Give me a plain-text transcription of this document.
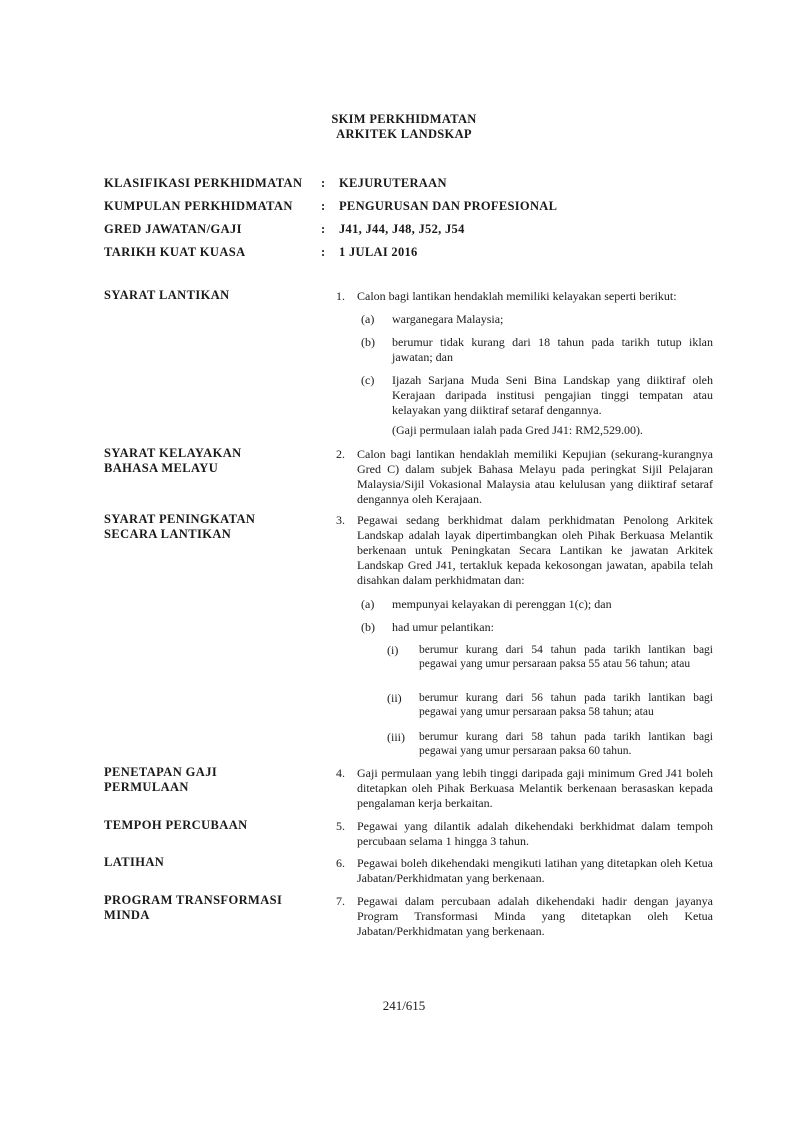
SKIM PERKHIDMATAN
ARKITEK LANDSKAP
KLASIFIKASI PERKHIDMATAN : KEJURUTERAAN
KUMPULAN PERKHIDMATAN : PENGURUSAN DAN PROFESIONAL
GRED JAWATAN/GAJI	: J41, J44, J48, J52, J54
TARIKH KUAT KUASA	: 1 JULAI 2016
SYARAT LANTIKAN	1. Calon bagi lantikan hendaklah memiliki kelayakan seperti berikut:
(a) warganegara Malaysia;
(b) berumur tidak kurang dari 18 tahun pada tarikh tutup iklan jawatan; dan
(c) Ijazah Sarjana Muda Seni Bina Landskap yang diiktiraf oleh Kerajaan daripada institusi pengajian tinggi tempatan atau kelayakan yang diiktiraf setaraf dengannya.
(Gaji permulaan ialah pada Gred J41: RM2,529.00).
SYARAT KELAYAKAN
BAHASA MELAYU
2. Calon bagi lantikan hendaklah memiliki Kepujian (sekurang-kurangnya Gred C) dalam subjek Bahasa Melayu pada peringkat Sijil Pelajaran Malaysia/Sijil Vokasional Malaysia atau kelulusan yang diiktiraf setaraf dengannya oleh Kerajaan.
SYARAT PENINGKATAN
SECARA LANTIKAN
3. Pegawai sedang berkhidmat dalam perkhidmatan Penolong Arkitek Landskap adalah layak dipertimbangkan oleh Pihak Berkuasa Melantik berkenaan untuk Peningkatan Secara Lantikan ke jawatan Arkitek Landskap Gred J41, tertakluk kepada kekosongan jawatan, apabila telah disahkan dalam perkhidmatan dan:
(a) mempunyai kelayakan di perenggan 1(c); dan
(b) had umur pelantikan:
(i)	berumur kurang dari 54 tahun pada tarikh lantikan bagi pegawai yang umur persaraan paksa 55 atau 56 tahun; atau
(ii)	berumur kurang dari 56 tahun pada tarikh lantikan bagi pegawai yang umur persaraan paksa 58 tahun; atau
(iii)	berumur kurang dari 58 tahun pada tarikh lantikan bagi pegawai yang umur persaraan paksa 60 tahun.
PENETAPAN GAJI
PERMULAAN
4. Gaji permulaan yang lebih tinggi daripada gaji minimum Gred J41 boleh ditetapkan oleh Pihak Berkuasa Melantik berkenaan berasaskan kepada pengalaman kerja berkaitan.
TEMPOH PERCUBAAN	5. Pegawai yang dilantik adalah dikehendaki berkhidmat dalam tempoh percubaan selama 1 hingga 3 tahun.
LATIHAN	6. Pegawai boleh dikehendaki mengikuti latihan yang ditetapkan oleh Ketua Jabatan/Perkhidmatan yang berkenaan.
PROGRAM TRANSFORMASI
MINDA
7. Pegawai dalam percubaan adalah dikehendaki hadir dengan jayanya Program Transformasi Minda yang ditetapkan oleh Ketua Jabatan/Perkhidmatan yang berkenaan.
241/615
